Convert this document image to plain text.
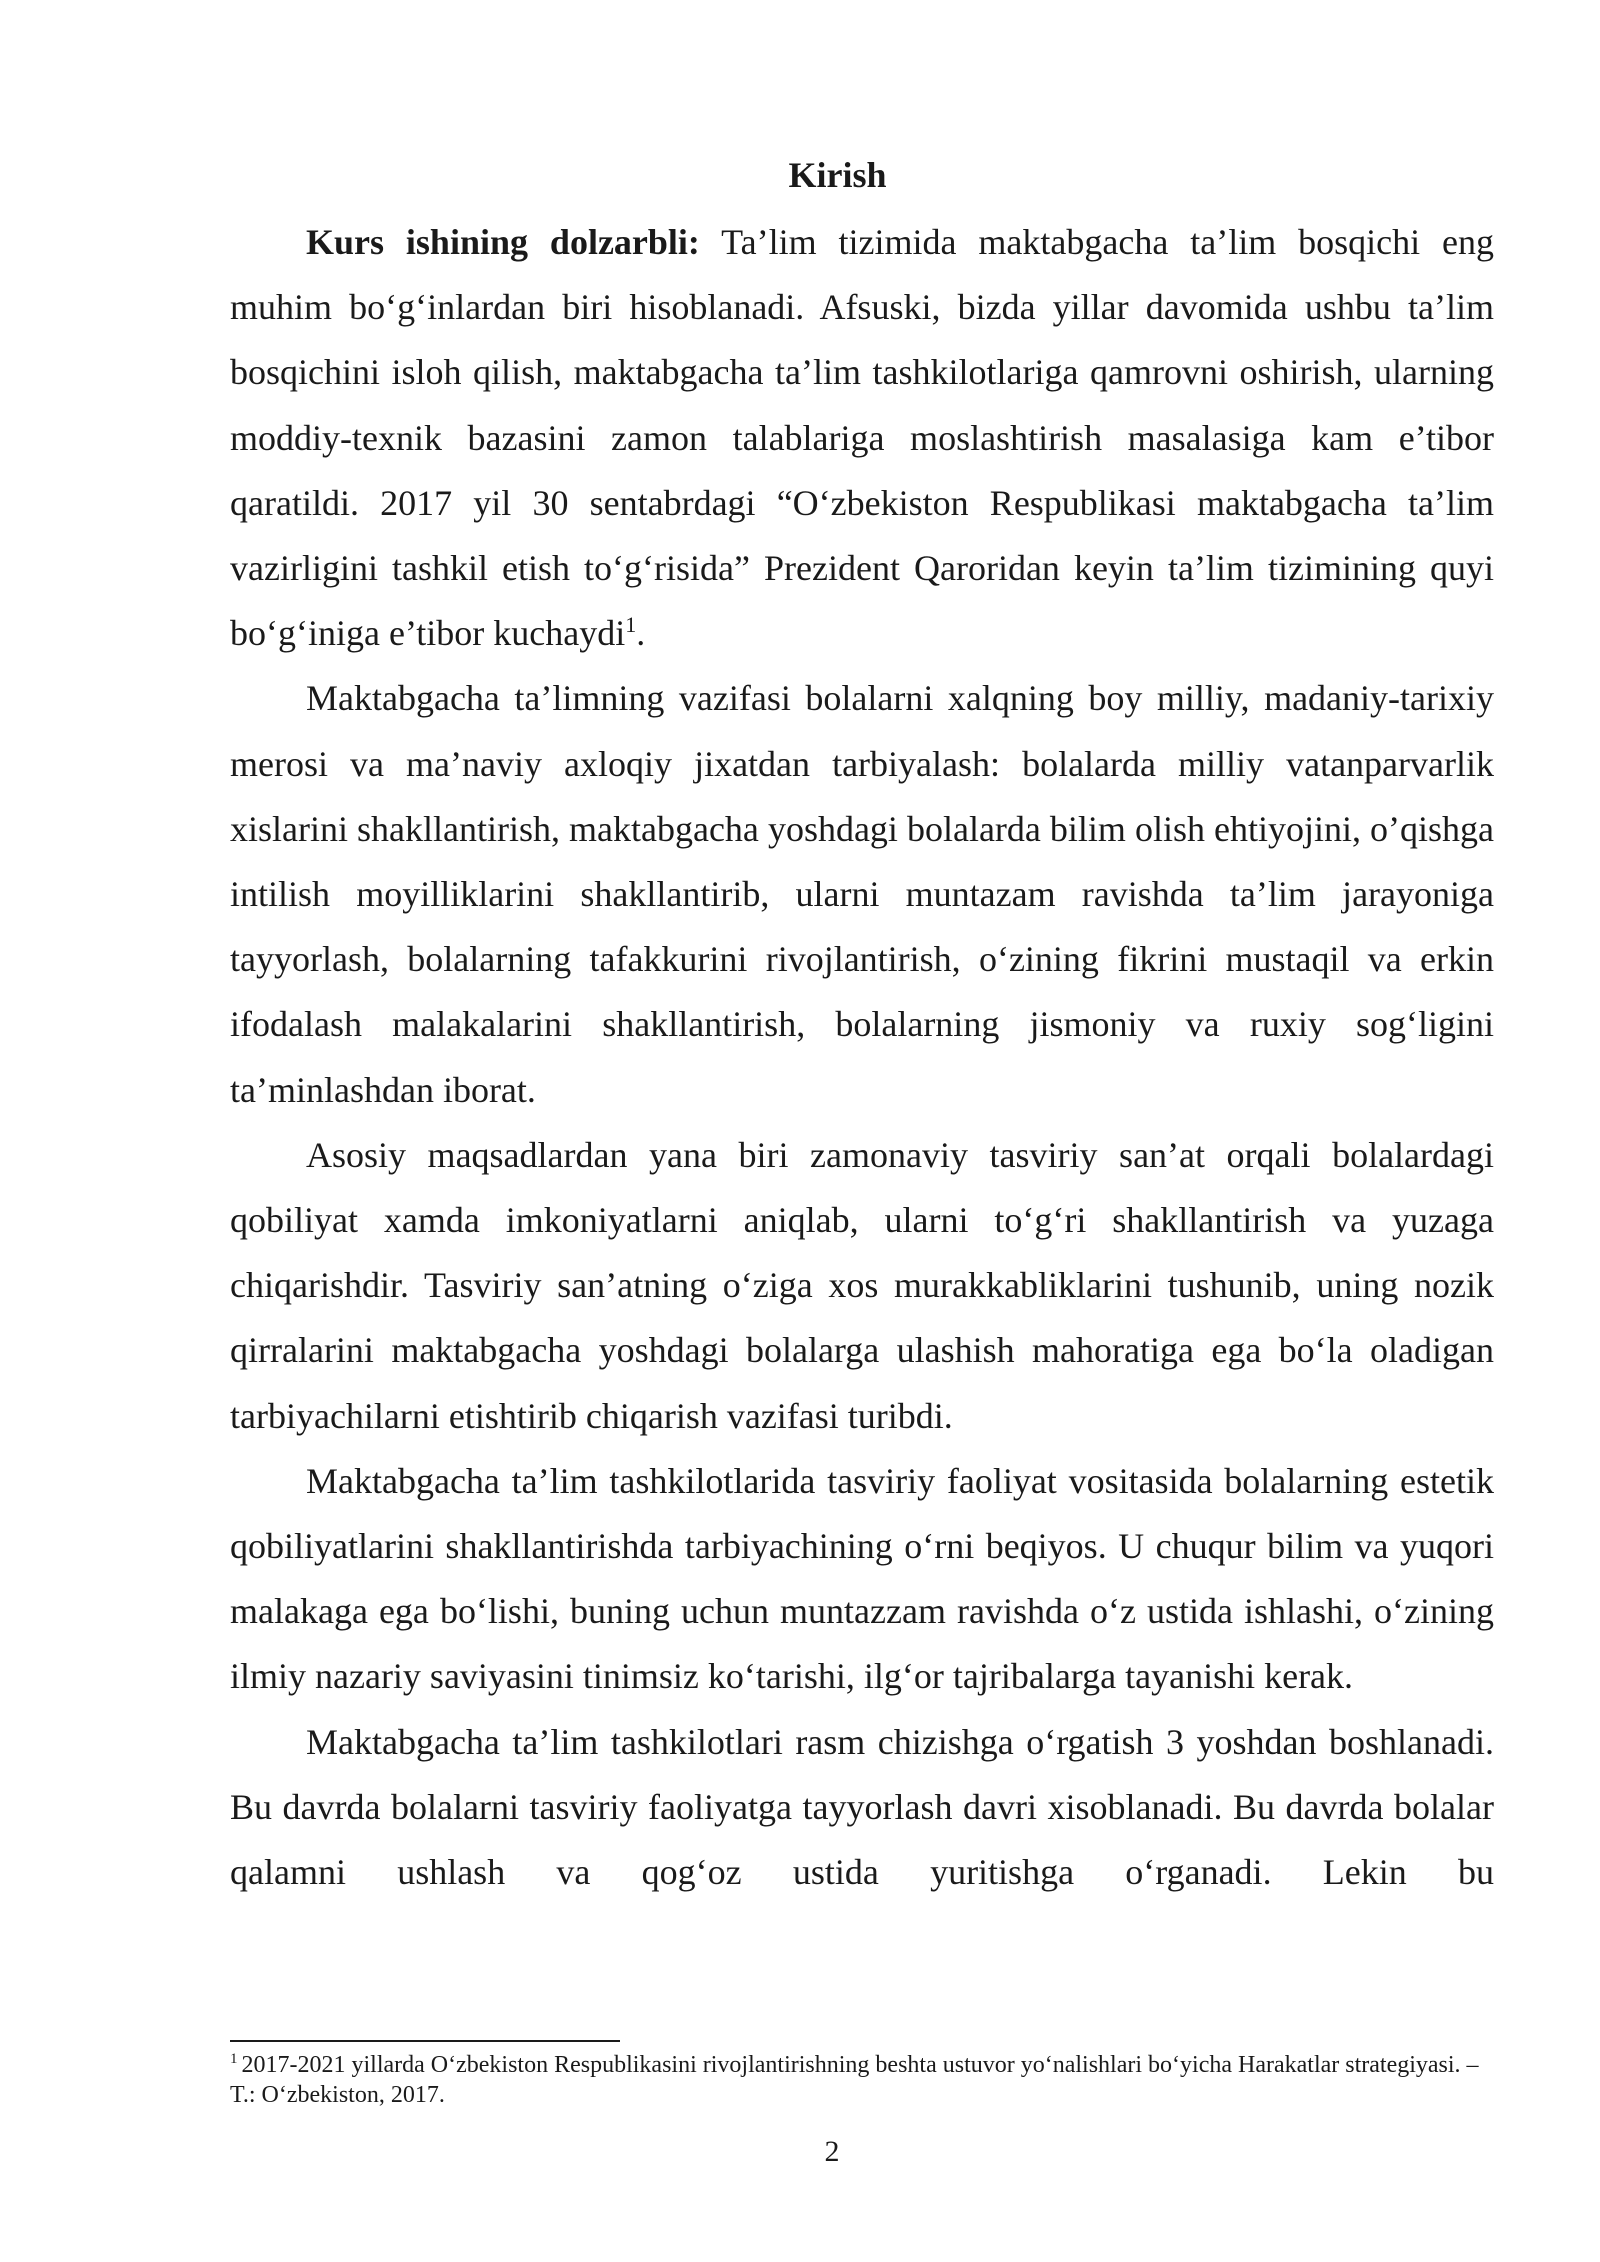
Kirish

Kurs ishining dolzarbli: Ta’lim tizimida maktabgacha ta’lim bosqichi eng muhim bo‘g‘inlardan biri hisoblanadi. Afsuski, bizda yillar davomida ushbu ta’lim bosqichini isloh qilish, maktabgacha ta’lim tashkilotlariga qamrovni oshirish, ularning moddiy-texnik bazasini zamon talablariga moslashtirish masalasiga kam e’tibor qaratildi. 2017 yil 30 sentabrdagi “O‘zbekiston Respublikasi maktabgacha ta’lim vazirligini tashkil etish to‘g‘risida” Prezident Qaroridan keyin ta’lim tizimining quyi bo‘g‘iniga e’tibor kuchaydi$^1$.

Maktabgacha ta’limning vazifasi bolalarni xalqning boy milliy, madaniy-tarixiy merosi va ma’naviy axloqiy jixatdan tarbiyalash: bolalarda milliy vatanparvarlik xislarini shakllantirish, maktabgacha yoshdagi bolalarda bilim olish ehtiyojini, o’qishga intilish moyilliklarini shakllantirib, ularni muntazam ravishda ta’lim jarayoniga tayyorlash, bolalarning tafakkurini rivojlantirish, o‘zining fikrini mustaqil va erkin ifodalash malakalarini shakllantirish, bolalarning jismoniy va ruxiy sog‘ligini ta’minlashdan iborat.

Asosiy maqsadlardan yana biri zamonaviy tasviriy san’at orqali bolalardagi qobiliyat xamda imkoniyatlarni aniqlab, ularni to‘g‘ri shakllantirish va yuzaga chiqarishdir. Tasviriy san’atning o‘ziga xos murakkabliklarini tushunib, uning nozik qirralarini maktabgacha yoshdagi bolalarga ulashish mahoratiga ega bo‘la oladigan tarbiyachilarni etishtirib chiqarish vazifasi turibdi.

Maktabgacha ta’lim tashkilotlarida tasviriy faoliyat vositasida bolalarning estetik qobiliyatlarini shakllantirishda tarbiyachining o‘rni beqiyos. U chuqur bilim va yuqori malakaga ega bo‘lishi, buning uchun muntazzam ravishda o‘z ustida ishlashi, o‘zining ilmiy nazariy saviyasini tinimsiz ko‘tarishi, ilg‘or tajribalarga tayanishi kerak.

Maktabgacha ta’lim tashkilotlari rasm chizishga o‘rgatish 3 yoshdan boshlanadi. Bu davrda bolalarni tasviriy faoliyatga tayyorlash davri xisoblanadi. Bu davrda bolalar qalamni ushlash va qog‘oz ustida yuritishga o‘rganadi. Lekin bu

$^1$ 2017-2021 yillarda O‘zbekiston Respublikasini rivojlantirishning beshta ustuvor yo‘nalishlari bo‘yicha Harakatlar strategiyasi. – T.: O‘zbekiston, 2017.
2
